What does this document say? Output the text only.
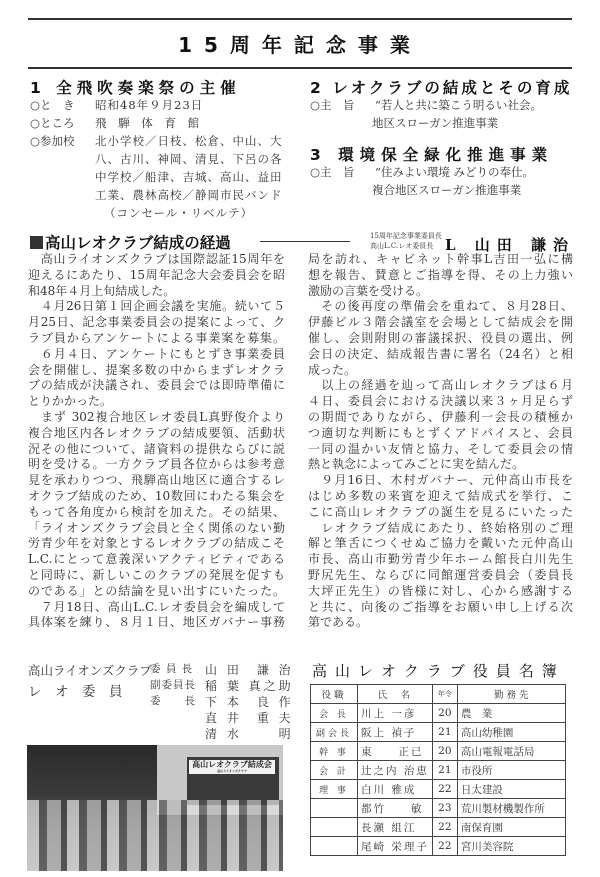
15周年記念事業
1 全飛吹奏楽祭の主催
○と　き 昭和48年９月23日
○ところ 飛 騨 体 育 館
○参加校 北小学校／日枝、松倉、中山、大
八、古川、神岡、清見、下呂の各
中学校／船津、吉城、高山、益田
工業、農林高校／静岡市民バンド
（コンセール・リベルテ）
2 レオクラブの結成とその育成
○主　旨 “若人と共に築こう明るい社会。
地区スローガン推進事業
3 環境保全緑化推進事業
○主　旨 “住みよい環境 みどりの奉仕。
複合地区スローガン推進事業
高山レオクラブ結成の経過	15周年記念事業委員長
高山L.C.レオ委員長 L 山田 謙治
　高山ライオンズクラブは国際認証15周年を
迎えるにあたり、15周年記念大会委員会を昭
和48年４月上旬結成した。
　４月26日第１回企画会議を実施。続いて５
月25日、記念事業委員会の提案によって、ク
ラブ員からアンケートによる事業案を募集。
　６月４日、アンケートにもとずき事業委員
会を開催し、提案多数の中からまずレオクラ
ブの結成が決議され、委員会では即時準備に
とりかかった。
　まず 302複合地区レオ委員L真野俊介より
複合地区内各レオクラブの結成要領、活動状
況その他について、諸資料の提供ならびに説
明を受ける。一方クラブ員各位からは参考意
見を承わりつつ、飛騨高山地区に適合するレ
オクラブ結成のため、10数回にわたる集会を
もって各角度から検討を加えた。その結果、
「ライオンズクラブ会員と全く関係のない勤
労青少年を対象とするレオクラブの結成こそ
L.C.にとって意義深いアクティビティである
と同時に、新しいこのクラブの発展を促すも
のである」との結論を見い出すにいたった。
　７月18日、高山L.C.レオ委員会を編成して
具体案を練り、８月１日、地区ガバナー事務
局を訪れ、キャビネット幹事L吉田一弘に構
想を報告、賛意とご指導を得、その上力強い
激励の言葉を受ける。
　その後再度の準備会を重ねて、８月28日、
伊藤ビル３階会議室を会場として結成会を開
催し、会則附則の審議採択、役員の選出、例
会日の決定、結成報告書に署名（24名）と相
成った。
　以上の経過を辿って高山レオクラブは６月
４日、委員会における決議以来３ヶ月足らず
の期間でありながら、伊藤利一会長の積極か
つ適切な判断にもとずくアドバイスと、会員
一同の温かい友情と協力、そして委員会の情
熱と執念によってみごとに実を結んだ。
　９月16日、木村ガバナー、元仲高山市長を
はじめ多数の来賓を迎えて結成式を挙行、こ
こに高山レオクラブの誕生を見るにいたった
　レオクラブ結成にあたり、終始格別のご理
解と筆舌につくせぬご協力を戴いた元仲高山
市長、高山市勤労青少年ホーム館長白川先生
野尻先生、ならびに同館運営委員会（委員長
大坪正先生）の皆様に対し、心から感謝する
と共に、向後のご指導をお願い申し上げる次
第である。
高山ライオンズクラブ
レ　オ　委　員
委 員 長 山 田　謙 治
副委員長 稲 葉 真之助
委　　長 下 本　良 作
直 井　重 夫
清 水　　 明
高山レオクラブ結成会
高山ライオンズクラブ
高山レオクラブ役員名簿
役職	氏　名	年令	勤 務 先
会 長	川上 一彦	20	農　業
副会長	阪上 禎子	21	高山幼稚園
幹 事	東　　正已	20	高山電報電話局
会 計	辻之内 治恵	21	市役所
理 事	白川 雅成	22	日太建設
	都竹　　敏	23	荒川製材機製作所
	長瀬 組江	22	南保育園
	尾崎 栄理子	22	宮川美容院
